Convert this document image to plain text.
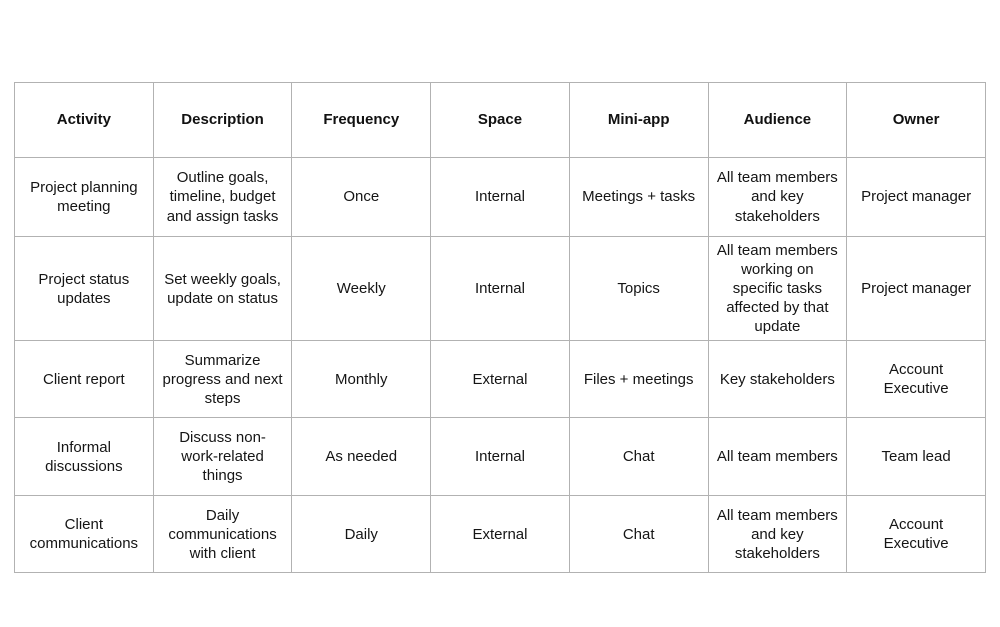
Activity	Description	Frequency	Space	Mini-app	Audience	Owner
Project planning meeting	Outline goals, timeline, budget and assign tasks	Once	Internal	Meetings + tasks	All team members and key stakeholders	Project manager
Project status updates	Set weekly goals, update on status	Weekly	Internal	Topics	All team members working on specific tasks affected by that update	Project manager
Client report	Summarize progress and next steps	Monthly	External	Files + meetings	Key stakeholders	Account Executive
Informal discussions	Discuss non-work-related things	As needed	Internal	Chat	All team members	Team lead
Client communications	Daily communications with client	Daily	External	Chat	All team members and key stakeholders	Account Executive
